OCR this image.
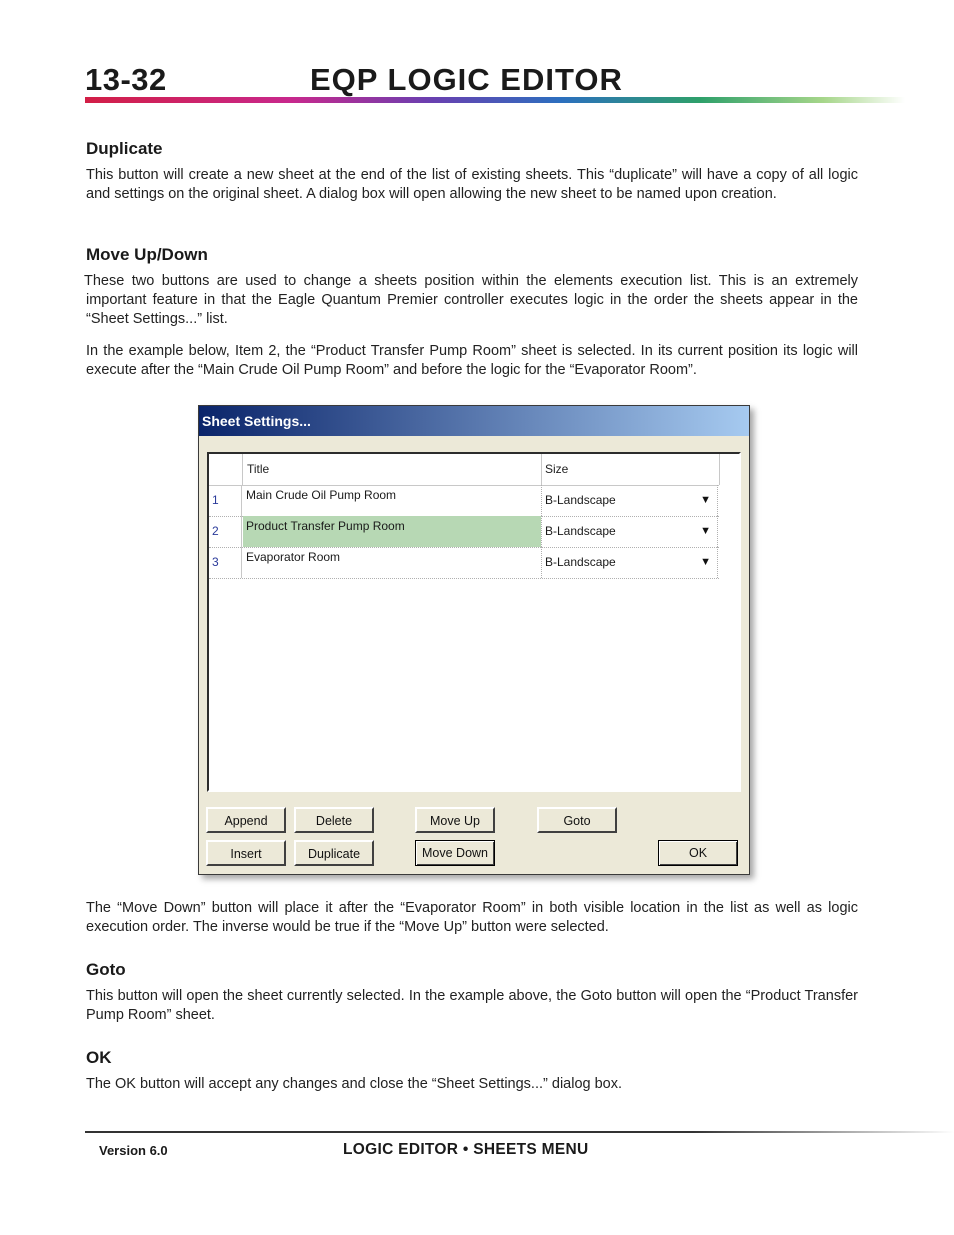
13-32	EQP LOGIC EDITOR
Duplicate
This button will create a new sheet at the end of the list of existing sheets. This “duplicate” will have a copy of all logic and settings on the original sheet. A dialog box will open allowing the new sheet to be named upon creation.
Move Up/Down
These two buttons are used to change a sheets position within the elements execution list. This is an extremely important feature in that the Eagle Quantum Premier controller executes logic in the order the sheets appear in the “Sheet Settings...” list.
In the example below, Item 2, the “Product Transfer Pump Room” sheet is selected. In its current position its logic will execute after the “Main Crude Oil Pump Room” and before the logic for the “Evaporator Room”.
Sheet Settings...
Title	Size
1	Main Crude Oil Pump Room	B-Landscape	▼
2	Product Transfer Pump Room	B-Landscape	▼
3	Evaporator Room	B-Landscape	▼
Append	Delete	Move Up	Goto
Insert	Duplicate	Move Down	OK
The “Move Down” button will place it after the “Evaporator Room” in both visible location in the list as well as logic execution order. The inverse would be true if the “Move Up” button were selected.
Goto
This button will open the sheet currently selected. In the example above, the Goto button will open the “Product Transfer Pump Room” sheet.
OK
The OK button will accept any changes and close the “Sheet Settings...” dialog box.
Version 6.0	LOGIC EDITOR • SHEETS MENU
